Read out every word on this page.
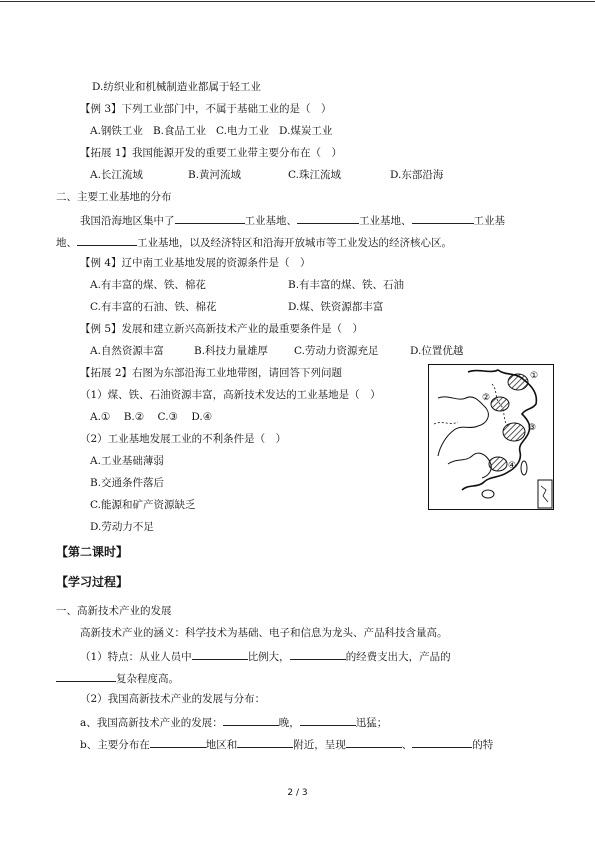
D.纺织业和机械制造业都属于轻工业
【例 3】下列工业部门中，不属于基础工业的是（　）
A.钢铁工业 B.食品工业 C.电力工业 D.煤炭工业
【拓展 1】我国能源开发的重要工业带主要分布在（　）
A.长江流域	B.黄河流域	C.珠江流域	D.东部沿海
二、主要工业基地的分布
我国沿海地区集中了	工业基地、	工业基地、	工业基
地、	工业基地，以及经济特区和沿海开放城市等工业发达的经济核心区。
【例 4】辽中南工业基地发展的资源条件是（　）
A.有丰富的煤、铁、棉花	B.有丰富的煤、铁、石油
C.有丰富的石油、铁、棉花	D.煤、铁资源都丰富
【例 5】发展和建立新兴高新技术产业的最重要条件是（　）
A.自然资源丰富	B.科技力量雄厚 C.劳动力资源充足	D.位置优越
【拓展 2】右图为东部沿海工业地带图，请回答下列问题
（1）煤、铁、石油资源丰富，高新技术发达的工业基地是（　）
A.① B.② C.③ D.④
（2）工业基地发展工业的不利条件是（　）
A.工业基础薄弱
B.交通条件落后
C.能源和矿产资源缺乏
D.劳动力不足
①
②
③
④
【第二课时】
【学习过程】
一、高新技术产业的发展
高新技术产业的涵义：科学技术为基础、电子和信息为龙头、产品科技含量高。
（1）特点：从业人员中	比例大，	的经费支出大，产品的
复杂程度高。
（2）我国高新技术产业的发展与分布：
a、我国高新技术产业的发展：	晚，	迅猛；
b、主要分布在	地区和	附近，呈现	、	的特
2 / 3
